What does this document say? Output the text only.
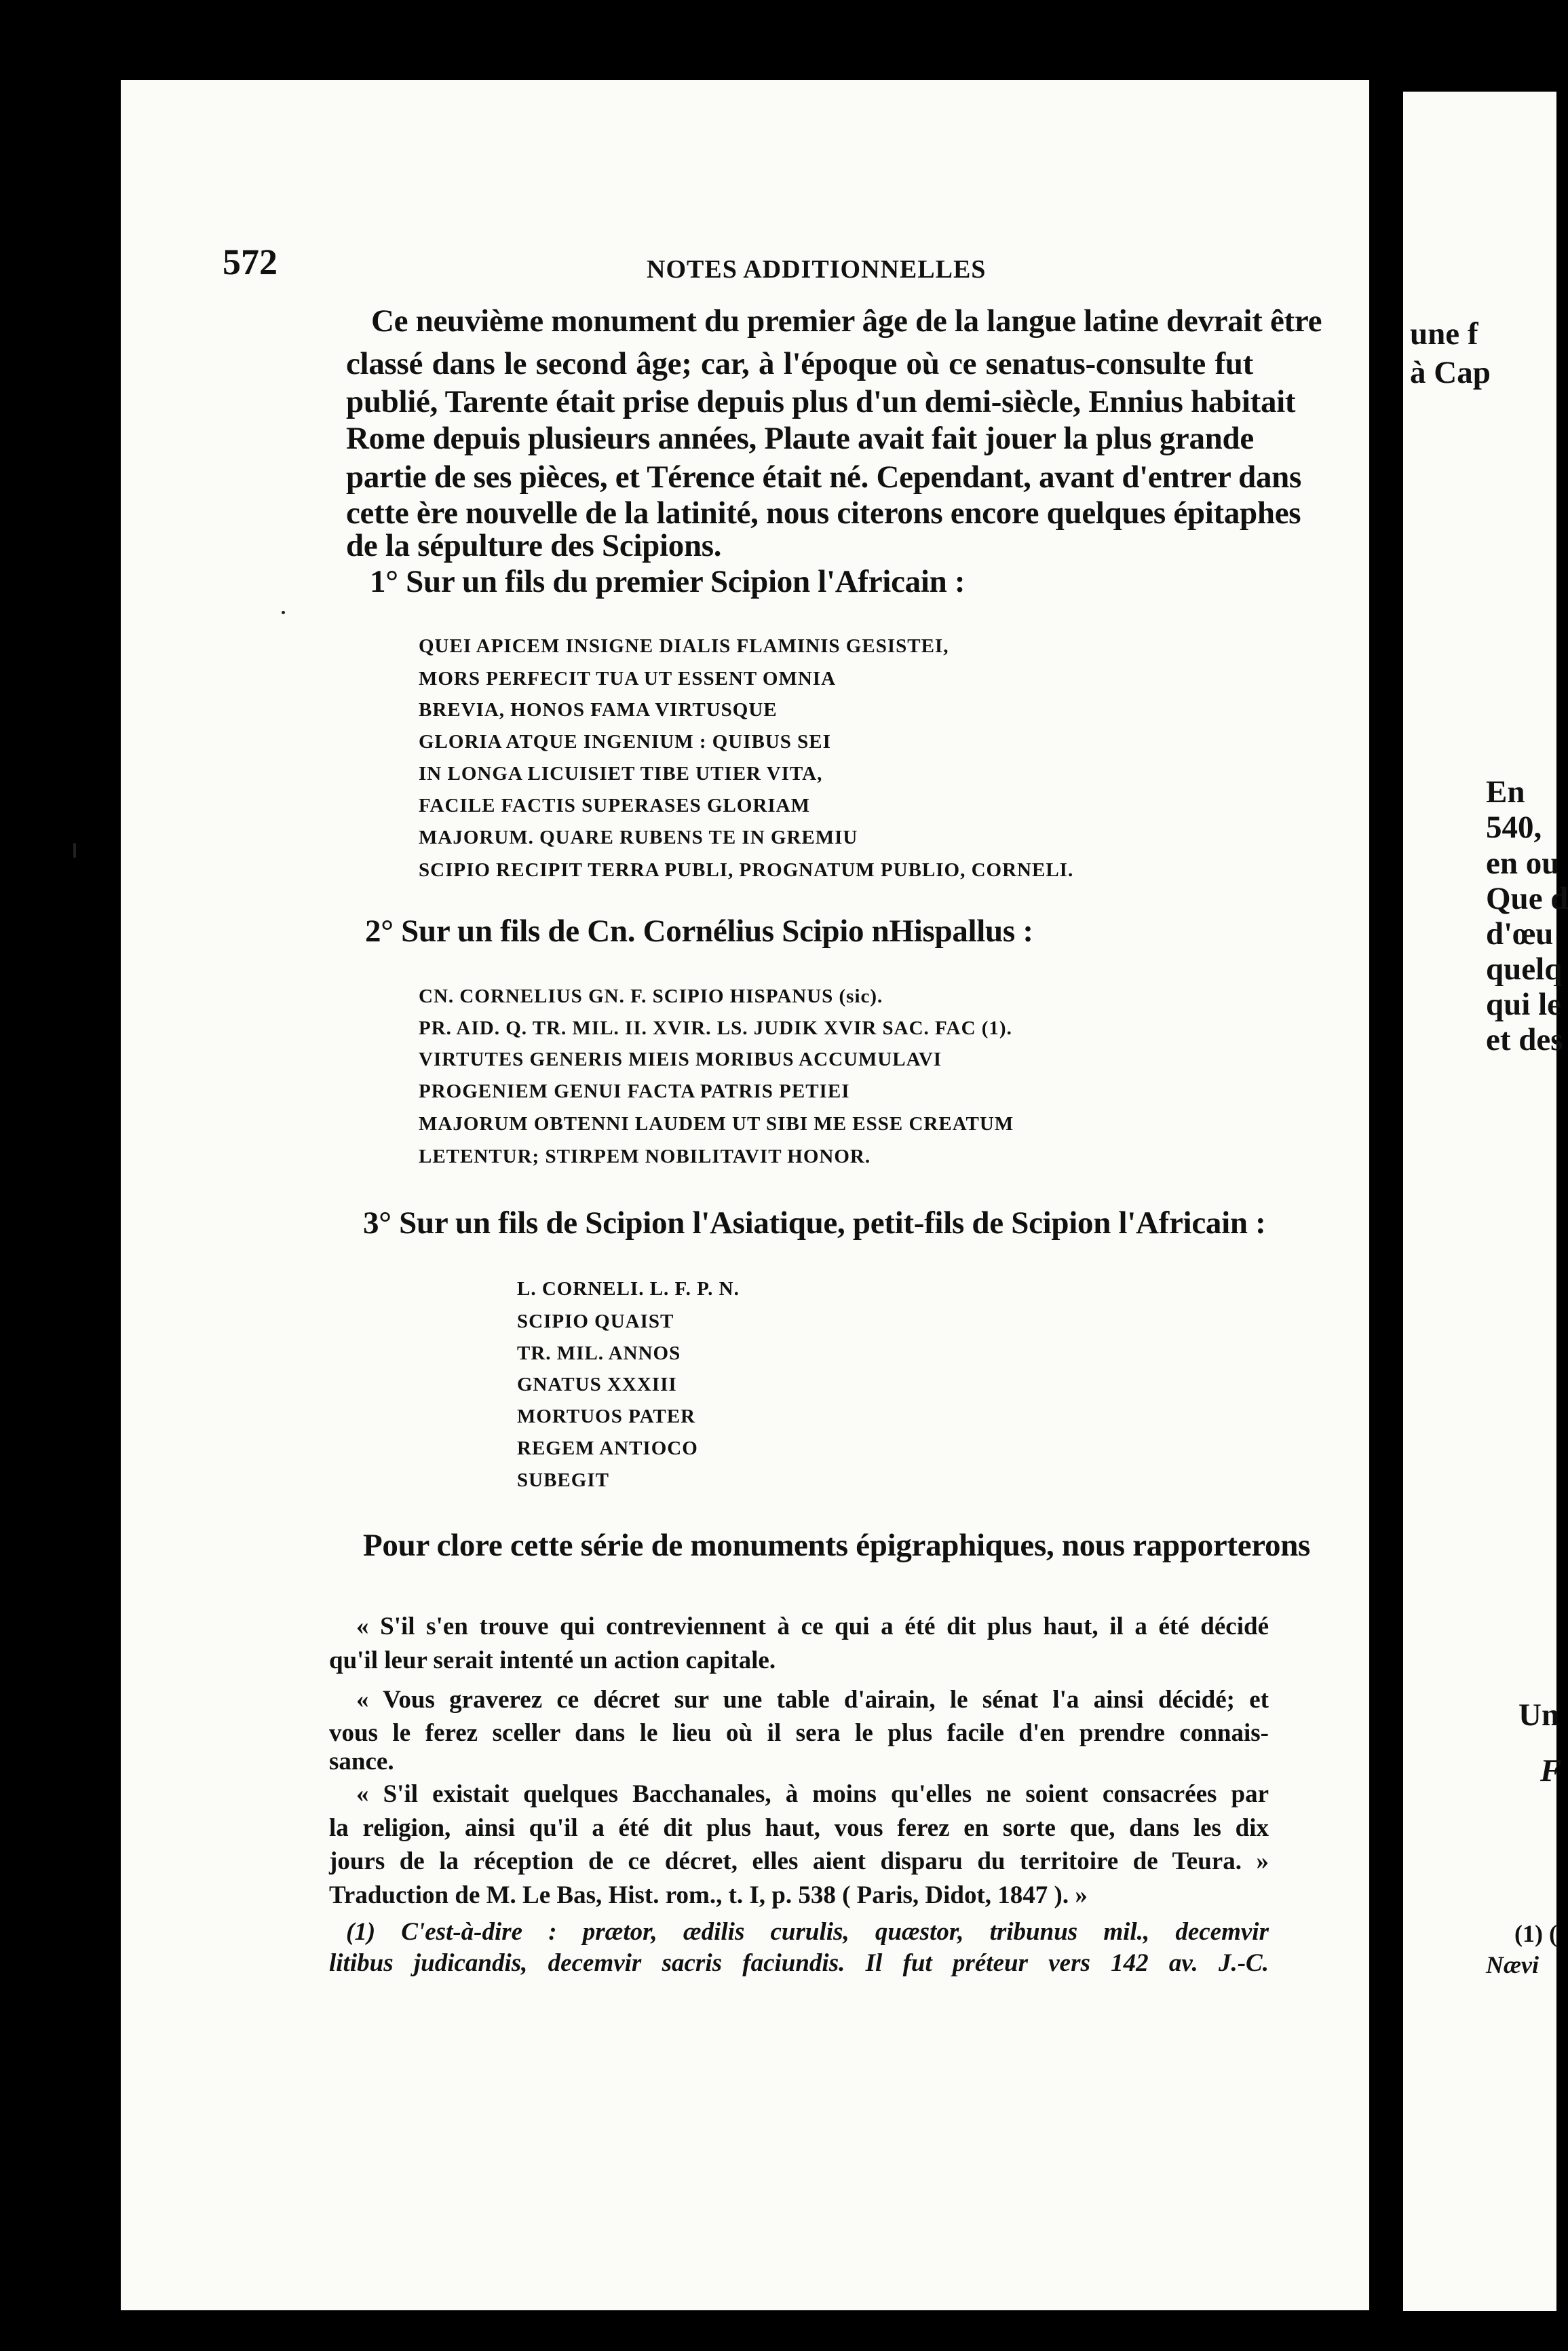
572	NOTES ADDITIONNELLES
Ce neuvième monument du premier âge de la langue latine devrait être
classé dans le second âge; car, à l'époque où ce senatus-consulte fut
publié, Tarente était prise depuis plus d'un demi-siècle, Ennius habitait
Rome depuis plusieurs années, Plaute avait fait jouer la plus grande
partie de ses pièces, et Térence était né. Cependant, avant d'entrer dans
cette ère nouvelle de la latinité, nous citerons encore quelques épitaphes
de la sépulture des Scipions.
1° Sur un fils du premier Scipion l'Africain :
QUEI APICEM INSIGNE DIALIS FLAMINIS GESISTEI,
MORS PERFECIT TUA UT ESSENT OMNIA
BREVIA, HONOS FAMA VIRTUSQUE
GLORIA ATQUE INGENIUM : QUIBUS SEI
IN LONGA LICUISIET TIBE UTIER VITA,
FACILE FACTIS SUPERASES GLORIAM
MAJORUM. QUARE RUBENS TE IN GREMIU
SCIPIO RECIPIT TERRA PUBLI, PROGNATUM PUBLIO, CORNELI.
2° Sur un fils de Cn. Cornélius Scipio nHispallus :
CN. CORNELIUS GN. F. SCIPIO HISPANUS (sic).
PR. AID. Q. TR. MIL. II. XVIR. LS. JUDIK XVIR SAC. FAC (1).
VIRTUTES GENERIS MIEIS MORIBUS ACCUMULAVI
PROGENIEM GENUI FACTA PATRIS PETIEI
MAJORUM OBTENNI LAUDEM UT SIBI ME ESSE CREATUM
LETENTUR; STIRPEM NOBILITAVIT HONOR.
3° Sur un fils de Scipion l'Asiatique, petit-fils de Scipion l'Africain :
L. CORNELI. L. F. P. N.
SCIPIO QUAIST
TR. MIL. ANNOS
GNATUS XXXIII
MORTUOS PATER
REGEM ANTIOCO
SUBEGIT
Pour clore cette série de monuments épigraphiques, nous rapporterons
« S'il s'en trouve qui contreviennent à ce qui a été dit plus haut, il a été décidé
qu'il leur serait intenté un action capitale.
« Vous graverez ce décret sur une table d'airain, le sénat l'a ainsi décidé; et
vous le ferez sceller dans le lieu où il sera le plus facile d'en prendre connais-
sance.
« S'il existait quelques Bacchanales, à moins qu'elles ne soient consacrées par
la religion, ainsi qu'il a été dit plus haut, vous ferez en sorte que, dans les dix
jours de la réception de ce décret, elles aient disparu du territoire de Teura. »
Traduction de M. Le Bas, Hist. rom., t. I, p. 538 ( Paris, Didot, 1847 ). »
(1) C'est-à-dire : prætor, ædilis curulis, quæstor, tribunus mil., decemvir
litibus judicandis, decemvir sacris faciundis. Il fut préteur vers 142 av. J.-C.
une f
à Cap
En
540,
en ou
Que d
d'œu
quelq
qui le
et des
Un
F
(1) (
Nævi
